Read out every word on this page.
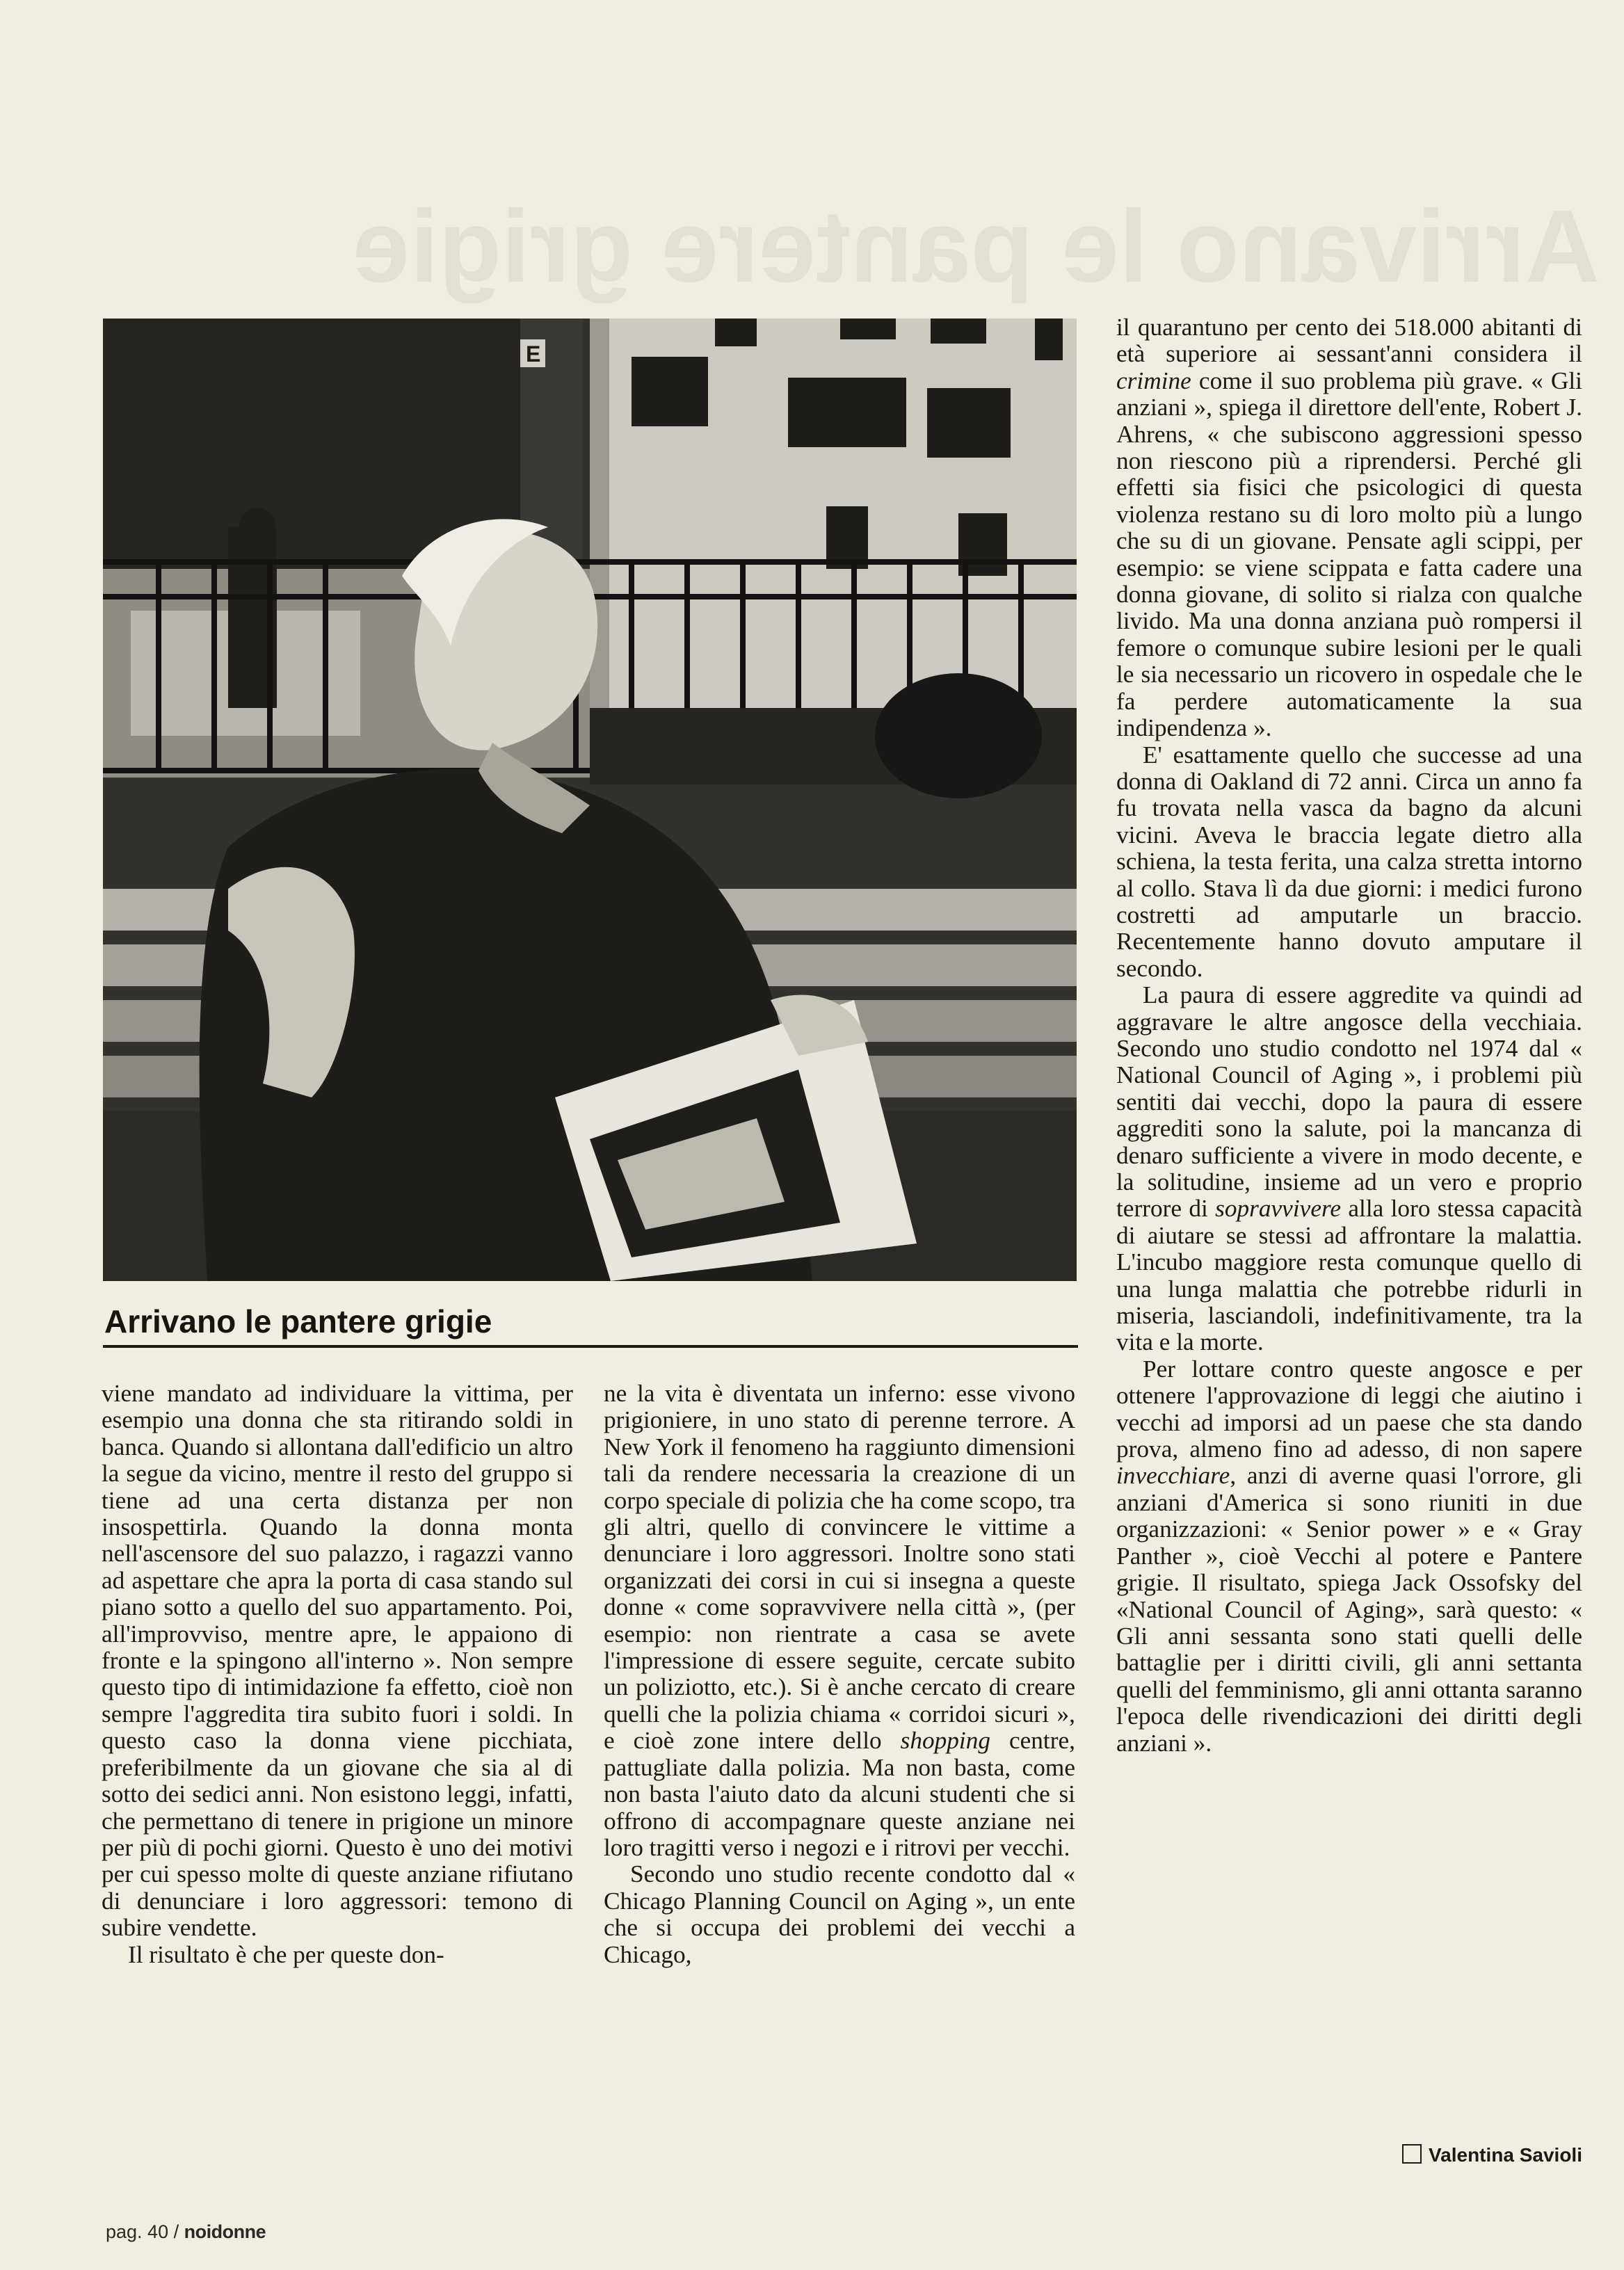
Arrivano le pantere grigie
E
Arrivano le pantere grigie

viene mandato ad individuare la vittima, per esempio una donna che sta ritirando soldi in banca. Quando si allontana dall'edificio un altro la segue da vicino, mentre il resto del gruppo si tiene ad una certa distanza per non insospettirla. Quando la donna monta nell'ascensore del suo palazzo, i ragazzi vanno ad aspettare che apra la porta di casa stando sul piano sotto a quello del suo appartamento. Poi, all'improvviso, mentre apre, le appaiono di fronte e la spingono all'interno ». Non sempre questo tipo di intimidazione fa effetto, cioè non sempre l'aggredita tira subito fuori i soldi. In questo caso la donna viene picchiata, preferibilmente da un giovane che sia al di sotto dei sedici anni. Non esistono leggi, infatti, che permettano di tenere in prigione un minore per più di pochi giorni. Questo è uno dei motivi per cui spesso molte di queste anziane rifiutano di denunciare i loro aggressori: temono di subire vendette.

Il risultato è che per queste don-

ne la vita è diventata un inferno: esse vivono prigioniere, in uno stato di perenne terrore. A New York il fenomeno ha raggiunto dimensioni tali da rendere necessaria la creazione di un corpo speciale di polizia che ha come scopo, tra gli altri, quello di convincere le vittime a denunciare i loro aggressori. Inoltre sono stati organizzati dei corsi in cui si insegna a queste donne « come sopravvivere nella città », (per esempio: non rientrate a casa se avete l'impressione di essere seguite, cercate subito un poliziotto, etc.). Si è anche cercato di creare quelli che la polizia chiama « corridoi sicuri », e cioè zone intere dello shopping centre, pattugliate dalla polizia. Ma non basta, come non basta l'aiuto dato da alcuni studenti che si offrono di accompagnare queste anziane nei loro tragitti verso i negozi e i ritrovi per vecchi.

Secondo uno studio recente condotto dal « Chicago Planning Council on Aging », un ente che si occupa dei problemi dei vecchi a Chicago,

il quarantuno per cento dei 518.000 abitanti di età superiore ai sessant'anni considera il crimine come il suo problema più grave. « Gli anziani », spiega il direttore dell'ente, Robert J. Ahrens, « che subiscono aggressioni spesso non riescono più a riprendersi. Perché gli effetti sia fisici che psicologici di questa violenza restano su di loro molto più a lungo che su di un giovane. Pensate agli scippi, per esempio: se viene scippata e fatta cadere una donna giovane, di solito si rialza con qualche livido. Ma una donna anziana può rompersi il femore o comunque subire lesioni per le quali le sia necessario un ricovero in ospedale che le fa perdere automaticamente la sua indipendenza ».

E' esattamente quello che successe ad una donna di Oakland di 72 anni. Circa un anno fa fu trovata nella vasca da bagno da alcuni vicini. Aveva le braccia legate dietro alla schiena, la testa ferita, una calza stretta intorno al collo. Stava lì da due giorni: i medici furono costretti ad amputarle un braccio. Recentemente hanno dovuto amputare il secondo.

La paura di essere aggredite va quindi ad aggravare le altre angosce della vecchiaia. Secondo uno studio condotto nel 1974 dal « National Council of Aging », i problemi più sentiti dai vecchi, dopo la paura di essere aggrediti sono la salute, poi la mancanza di denaro sufficiente a vivere in modo decente, e la solitudine, insieme ad un vero e proprio terrore di sopravvivere alla loro stessa capacità di aiutare se stessi ad affrontare la malattia. L'incubo maggiore resta comunque quello di una lunga malattia che potrebbe ridurli in miseria, lasciandoli, indefinitivamente, tra la vita e la morte.

Per lottare contro queste angosce e per ottenere l'approvazione di leggi che aiutino i vecchi ad imporsi ad un paese che sta dando prova, almeno fino ad adesso, di non sapere invecchiare, anzi di averne quasi l'orrore, gli anziani d'America si sono riuniti in due organizzazioni: « Senior power » e « Gray Panther », cioè Vecchi al potere e Pantere grigie. Il risultato, spiega Jack Ossofsky del «National Council of Aging», sarà questo: « Gli anni sessanta sono stati quelli delle battaglie per i diritti civili, gli anni settanta quelli del femminismo, gli anni ottanta saranno l'epoca delle rivendicazioni dei diritti degli anziani ».

Valentina Savioli
pag. 40 / noidonne
